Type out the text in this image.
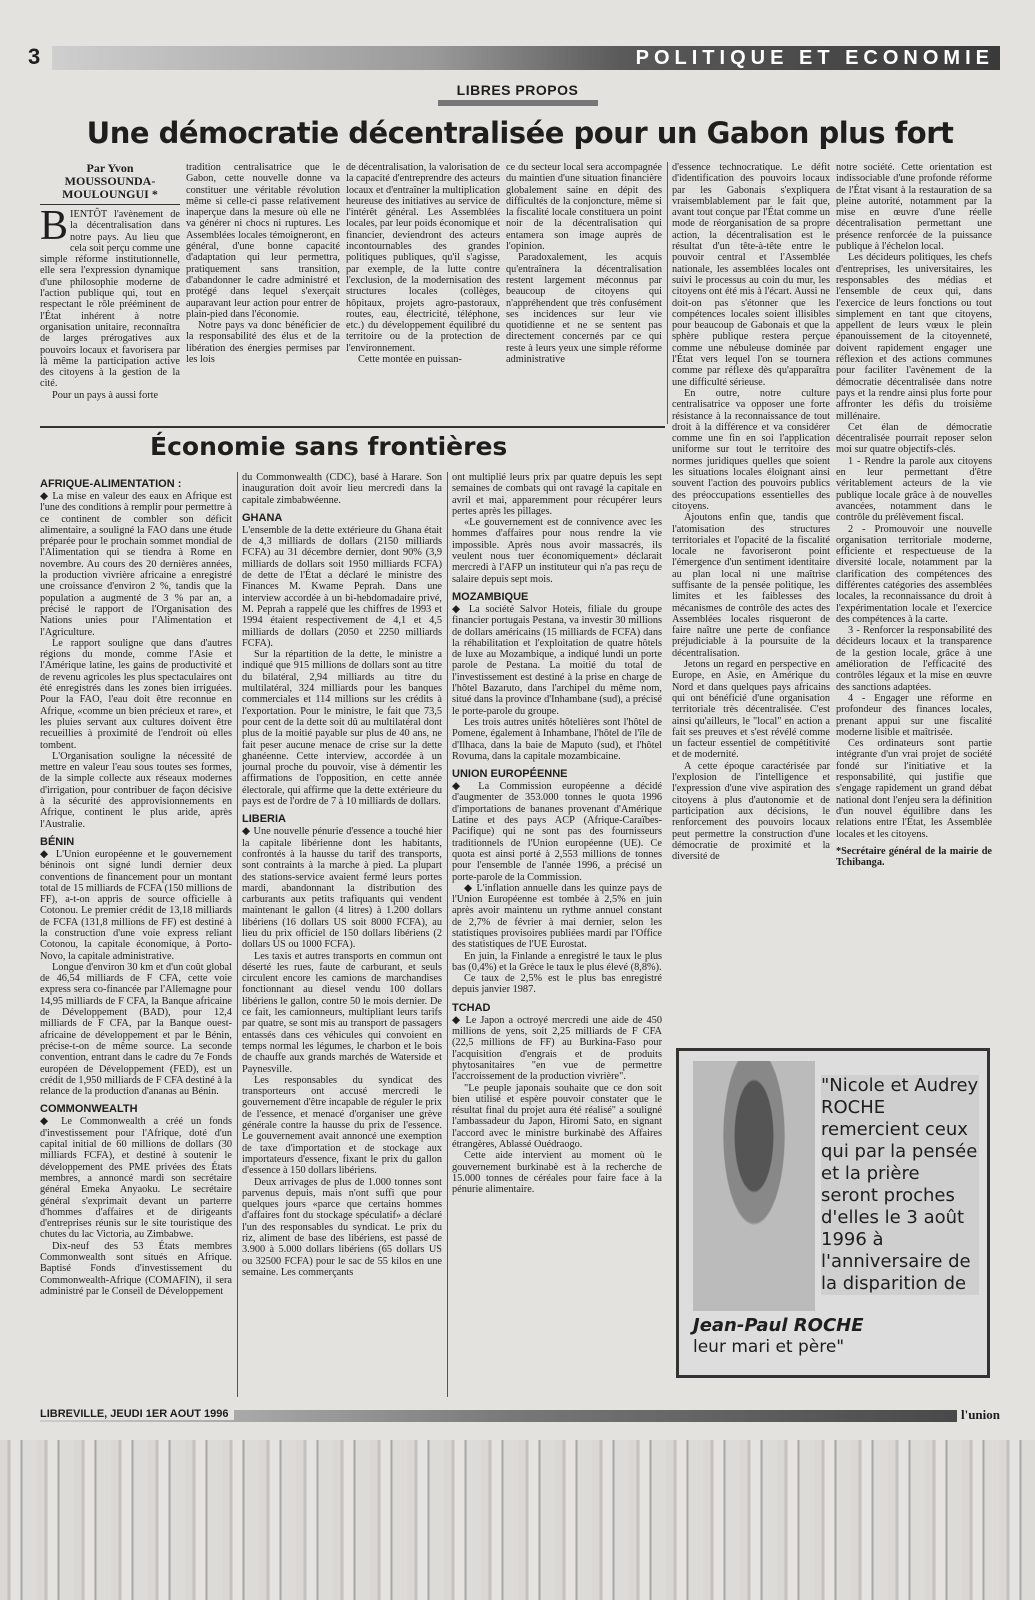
3	POLITIQUE ET ECONOMIE
LIBRES PROPOS
Une démocratie décentralisée pour un Gabon plus fort
Par Yvon MOUSSOUNDA-MOULOUNGUI *
B IENTÔT l'avènement de la décentralisation dans notre pays. Au lieu que cela soit perçu comme une simple réforme institutionnelle, elle sera l'expression dynamique d'une philosophie moderne de l'action publique qui, tout en respectant le rôle prééminent de l'État inhérent à notre organisation unitaire, reconnaîtra de larges prérogatives aux pouvoirs locaux et favorisera par là même la participation active des citoyens à la gestion de la cité.

Pour un pays à aussi forte

tradition centralisatrice que le Gabon, cette nouvelle donne va constituer une véritable révolution même si celle-ci passe relativement inaperçue dans la mesure où elle ne va générer ni chocs ni ruptures. Les Assemblées locales témoigneront, en général, d'une bonne capacité d'adaptation qui leur permettra, pratiquement sans transition, d'abandonner le cadre administré et protégé dans lequel s'exerçait auparavant leur action pour entrer de plain-pied dans l'économie.

Notre pays va donc bénéficier de la responsabilité des élus et de la libération des énergies permises par les lois

de décentralisation, la valorisation de la capacité d'entreprendre des acteurs locaux et d'entraîner la multiplication heureuse des initiatives au service de l'intérêt général. Les Assemblées locales, par leur poids économique et financier, deviendront des acteurs incontournables des grandes politiques publiques, qu'il s'agisse, par exemple, de la lutte contre l'exclusion, de la modernisation des structures locales (collèges, hôpitaux, projets agro-pastoraux, routes, eau, électricité, téléphone, etc.) du développement équilibré du territoire ou de la protection de l'environnement.

Cette montée en puissan-

ce du secteur local sera accompagnée du maintien d'une situation financière globalement saine en dépit des difficultés de la conjoncture, même si la fiscalité locale constituera un point noir de la décentralisation qui entamera son image auprès de l'opinion.

Paradoxalement, les acquis qu'entraînera la décentralisation restent largement méconnus par beaucoup de citoyens qui n'appréhendent que très confusément ses incidences sur leur vie quotidienne et ne se sentent pas directement concernés par ce qui reste à leurs yeux une simple réforme administrative

d'essence technocratique. Le défit d'identification des pouvoirs locaux par les Gabonais s'expliquera vraisemblablement par le fait que, avant tout conçue par l'État comme un mode de réorganisation de sa propre action, la décentralisation est le résultat d'un tête-à-tête entre le pouvoir central et l'Assemblée nationale, les assemblées locales ont suivi le processus au coin du mur, les citoyens ont été mis à l'écart. Aussi ne doit-on pas s'étonner que les compétences locales soient illisibles pour beaucoup de Gabonais et que la sphère publique restera perçue comme une nébuleuse dominée par l'État vers lequel l'on se tournera comme par réflexe dès qu'apparaîtra une difficulté sérieuse.

En outre, notre culture centralisatrice va opposer une forte résistance à la reconnaissance de tout droit à la différence et va considérer comme une fin en soi l'application uniforme sur tout le territoire des normes juridiques quelles que soient les situations locales éloignant ainsi souvent l'action des pouvoirs publics des préoccupations essentielles des citoyens.

Ajoutons enfin que, tandis que l'atomisation des structures territoriales et l'opacité de la fiscalité locale ne favoriseront point l'émergence d'un sentiment identitaire au plan local ni une maîtrise suffisante de la pensée politique, les limites et les faiblesses des mécanismes de contrôle des actes des Assemblées locales risqueront de faire naître une perte de confiance préjudiciable à la poursuite de la décentralisation.

Jetons un regard en perspective en Europe, en Asie, en Amérique du Nord et dans quelques pays africains qui ont bénéficié d'une organisation territoriale très décentralisée. C'est ainsi qu'ailleurs, le "local" en action a fait ses preuves et s'est révélé comme un facteur essentiel de compétitivité et de modernité.

A cette époque caractérisée par l'explosion de l'intelligence et l'expression d'une vive aspiration des citoyens à plus d'autonomie et de participation aux décisions, le renforcement des pouvoirs locaux peut permettre la construction d'une démocratie de proximité et la diversité de

notre société. Cette orientation est indissociable d'une profonde réforme de l'État visant à la restauration de sa pleine autorité, notamment par la mise en œuvre d'une réelle décentralisation permettant une présence renforcée de la puissance publique à l'échelon local.

Les décideurs politiques, les chefs d'entreprises, les universitaires, les responsables des médias et l'ensemble de ceux qui, dans l'exercice de leurs fonctions ou tout simplement en tant que citoyens, appellent de leurs vœux le plein épanouissement de la citoyenneté, doivent rapidement engager une réflexion et des actions communes pour faciliter l'avènement de la démocratie décentralisée dans notre pays et la rendre ainsi plus forte pour affronter les défis du troisième millénaire.

Cet élan de démocratie décentralisée pourrait reposer selon moi sur quatre objectifs-clés.

1 - Rendre la parole aux citoyens en leur permettant d'être véritablement acteurs de la vie publique locale grâce à de nouvelles avancées, notamment dans le contrôle du prélèvement fiscal.

2 - Promouvoir une nouvelle organisation territoriale moderne, efficiente et respectueuse de la diversité locale, notamment par la clarification des compétences des différentes catégories des assemblées locales, la reconnaissance du droit à l'expérimentation locale et l'exercice des compétences à la carte.

3 - Renforcer la responsabilité des décideurs locaux et la transparence de la gestion locale, grâce à une amélioration de l'efficacité des contrôles légaux et la mise en œuvre des sanctions adaptées.

4 - Engager une réforme en profondeur des finances locales, prenant appui sur une fiscalité moderne lisible et maîtrisée.

Ces ordinateurs sont partie intégrante d'un vrai projet de société fondé sur l'initiative et la responsabilité, qui justifie que s'engage rapidement un grand débat national dont l'enjeu sera la définition d'un nouvel équilibre dans les relations entre l'État, les Assemblée locales et les citoyens.

*Secrétaire général de la mairie de Tchibanga.

Économie sans frontières
AFRIQUE-ALIMENTATION :

◆ La mise en valeur des eaux en Afrique est l'une des conditions à remplir pour permettre à ce continent de combler son déficit alimentaire, a souligné la FAO dans une étude préparée pour le prochain sommet mondial de l'Alimentation qui se tiendra à Rome en novembre. Au cours des 20 dernières années, la production vivrière africaine a enregistré une croissance d'environ 2 %, tandis que la population a augmenté de 3 % par an, a précisé le rapport de l'Organisation des Nations unies pour l'Alimentation et l'Agriculture.

Le rapport souligne que dans d'autres régions du monde, comme l'Asie et l'Amérique latine, les gains de productivité et de revenu agricoles les plus spectaculaires ont été enregistrés dans les zones bien irriguées. Pour la FAO, l'eau doit être reconnue en Afrique, «comme un bien précieux et rare», et les pluies servant aux cultures doivent être recueillies à proximité de l'endroit où elles tombent.

L'Organisation souligne la nécessité de mettre en valeur l'eau sous toutes ses formes, de la simple collecte aux réseaux modernes d'irrigation, pour contribuer de façon décisive à la sécurité des approvisionnements en Afrique, continent le plus aride, après l'Australie.

BÉNIN

◆ L'Union européenne et le gouvernement béninois ont signé lundi dernier deux conventions de financement pour un montant total de 15 milliards de FCFA (150 millions de FF), a-t-on appris de source officielle à Cotonou. Le premier crédit de 13,18 milliards de FCFA (131,8 millions de FF) est destiné à la construction d'une voie express reliant Cotonou, la capitale économique, à Porto-Novo, la capitale administrative.

Longue d'environ 30 km et d'un coût global de 46,54 milliards de F CFA, cette voie express sera co-financée par l'Allemagne pour 14,95 milliards de F CFA, la Banque africaine de Développement (BAD), pour 12,4 milliards de F CFA, par la Banque ouest-africaine de développement et par le Bénin, précise-t-on de même source. La seconde convention, entrant dans le cadre du 7e Fonds européen de Développement (FED), est un crédit de 1,950 milliards de F CFA destiné à la relance de la production d'ananas au Bénin.

COMMONWEALTH

◆ Le Commonwealth a créé un fonds d'investissement pour l'Afrique, doté d'un capital initial de 60 millions de dollars (30 milliards FCFA), et destiné à soutenir le développement des PME privées des États membres, a annoncé mardi son secrétaire général Emeka Anyaoku. Le secrétaire général s'exprimait devant un parterre d'hommes d'affaires et de dirigeants d'entreprises réunis sur le site touristique des chutes du lac Victoria, au Zimbabwe.

Dix-neuf des 53 États membres Commonwealth sont situés en Afrique. Baptisé Fonds d'investissement du Commonwealth-Afrique (COMAFIN), il sera administré par le Conseil de Développement

du Commonwealth (CDC), basé à Harare. Son inauguration doit avoir lieu mercredi dans la capitale zimbabwéenne.

GHANA

L'ensemble de la dette extérieure du Ghana était de 4,3 milliards de dollars (2150 milliards FCFA) au 31 décembre dernier, dont 90% (3,9 milliards de dollars soit 1950 milliards FCFA) de dette de l'État a déclaré le ministre des Finances M. Kwame Peprah. Dans une interview accordée à un bi-hebdomadaire privé, M. Peprah a rappelé que les chiffres de 1993 et 1994 étaient respectivement de 4,1 et 4,5 milliards de dollars (2050 et 2250 milliards FCFA).

Sur la répartition de la dette, le ministre a indiqué que 915 millions de dollars sont au titre du bilatéral, 2,94 milliards au titre du multilatéral, 324 milliards pour les banques commerciales et 114 millions sur les crédits à l'exportation. Pour le ministre, le fait que 73,5 pour cent de la dette soit dû au multilatéral dont plus de la moitié payable sur plus de 40 ans, ne fait peser aucune menace de crise sur la dette ghanéenne. Cette interview, accordée à un journal proche du pouvoir, vise à démentir les affirmations de l'opposition, en cette année électorale, qui affirme que la dette extérieure du pays est de l'ordre de 7 à 10 milliards de dollars.

LIBERIA

◆ Une nouvelle pénurie d'essence a touché hier la capitale libérienne dont les habitants, confrontés à la hausse du tarif des transports, sont contraints à la marche à pied. La plupart des stations-service avaient fermé leurs portes mardi, abandonnant la distribution des carburants aux petits trafiquants qui vendent maintenant le gallon (4 litres) à 1.200 dollars libériens (16 dollars US soit 8000 FCFA), au lieu du prix officiel de 150 dollars libériens (2 dollars US ou 1000 FCFA).

Les taxis et autres transports en commun ont déserté les rues, faute de carburant, et seuls circulent encore les camions de marchandises fonctionnant au diesel vendu 100 dollars libériens le gallon, contre 50 le mois dernier. De ce fait, les camionneurs, multipliant leurs tarifs par quatre, se sont mis au transport de passagers entassés dans ces véhicules qui convoient en temps normal les légumes, le charbon et le bois de chauffe aux grands marchés de Waterside et Paynesville.

Les responsables du syndicat des transporteurs ont accusé mercredi le gouvernement d'être incapable de réguler le prix de l'essence, et menacé d'organiser une grève générale contre la hausse du prix de l'essence. Le gouvernement avait annoncé une exemption de taxe d'importation et de stockage aux importateurs d'essence, fixant le prix du gallon d'essence à 150 dollars libériens.

Deux arrivages de plus de 1.000 tonnes sont parvenus depuis, mais n'ont suffi que pour quelques jours «parce que certains hommes d'affaires font du stockage spéculatif» a déclaré l'un des responsables du syndicat. Le prix du riz, aliment de base des libériens, est passé de 3.900 à 5.000 dollars libériens (65 dollars US ou 32500 FCFA) pour le sac de 55 kilos en une semaine. Les commerçants

ont multiplié leurs prix par quatre depuis les sept semaines de combats qui ont ravagé la capitale en avril et mai, apparemment pour récupérer leurs pertes après les pillages.

«Le gouvernement est de connivence avec les hommes d'affaires pour nous rendre la vie impossible. Après nous avoir massacrés, ils veulent nous tuer économiquement» déclarait mercredi à l'AFP un instituteur qui n'a pas reçu de salaire depuis sept mois.

MOZAMBIQUE

◆ La société Salvor Hoteis, filiale du groupe financier portugais Pestana, va investir 30 millions de dollars américains (15 milliards de FCFA) dans la réhabilitation et l'exploitation de quatre hôtels de luxe au Mozambique, a indiqué lundi un porte parole de Pestana. La moitié du total de l'investissement est destiné à la prise en charge de l'hôtel Bazaruto, dans l'archipel du même nom, situé dans la province d'Inhambane (sud), a précisé le porte-parole du groupe.

Les trois autres unités hôtelières sont l'hôtel de Pomene, également à Inhambane, l'hôtel de l'île de d'Ilhaca, dans la baie de Maputo (sud), et l'hôtel Rovuma, dans la capitale mozambicaine.

UNION EUROPÉENNE

◆ La Commission européenne a décidé d'augmenter de 353.000 tonnes le quota 1996 d'importations de bananes provenant d'Amérique Latine et des pays ACP (Afrique-Caraïbes-Pacifique) qui ne sont pas des fournisseurs traditionnels de l'Union européenne (UE). Ce quota est ainsi porté à 2,553 millions de tonnes pour l'ensemble de l'année 1996, a précisé un porte-parole de la Commission.

◆ L'inflation annuelle dans les quinze pays de l'Union Européenne est tombée à 2,5% en juin après avoir maintenu un rythme annuel constant de 2,7% de février à mai dernier, selon les statistiques provisoires publiées mardi par l'Office des statistiques de l'UE Eurostat.

En juin, la Finlande a enregistré le taux le plus bas (0,4%) et la Grèce le taux le plus élevé (8,8%).

Ce taux de 2,5% est le plus bas enregistré depuis janvier 1987.

TCHAD

◆ Le Japon a octroyé mercredi une aide de 450 millions de yens, soit 2,25 milliards de F CFA (22,5 millions de FF) au Burkina-Faso pour l'acquisition d'engrais et de produits phytosanitaires "en vue de permettre l'accroissement de la production vivrière".

"Le peuple japonais souhaite que ce don soit bien utilisé et espère pouvoir constater que le résultat final du projet aura été réalisé" a souligné l'ambassadeur du Japon, Hiromi Sato, en signant l'accord avec le ministre burkinabè des Affaires étrangères, Ablassé Ouédraogo.

Cette aide intervient au moment où le gouvernement burkinabè est à la recherche de 15.000 tonnes de céréales pour faire face à la pénurie alimentaire.

"Nicole et Audrey ROCHE remercient ceux qui par la pensée et la prière seront proches d'elles le 3 août 1996 à l'anniversaire de la disparition de
Jean-Paul ROCHE
leur mari et père"
LIBREVILLE, JEUDI 1ER AOUT 1996	l'union
